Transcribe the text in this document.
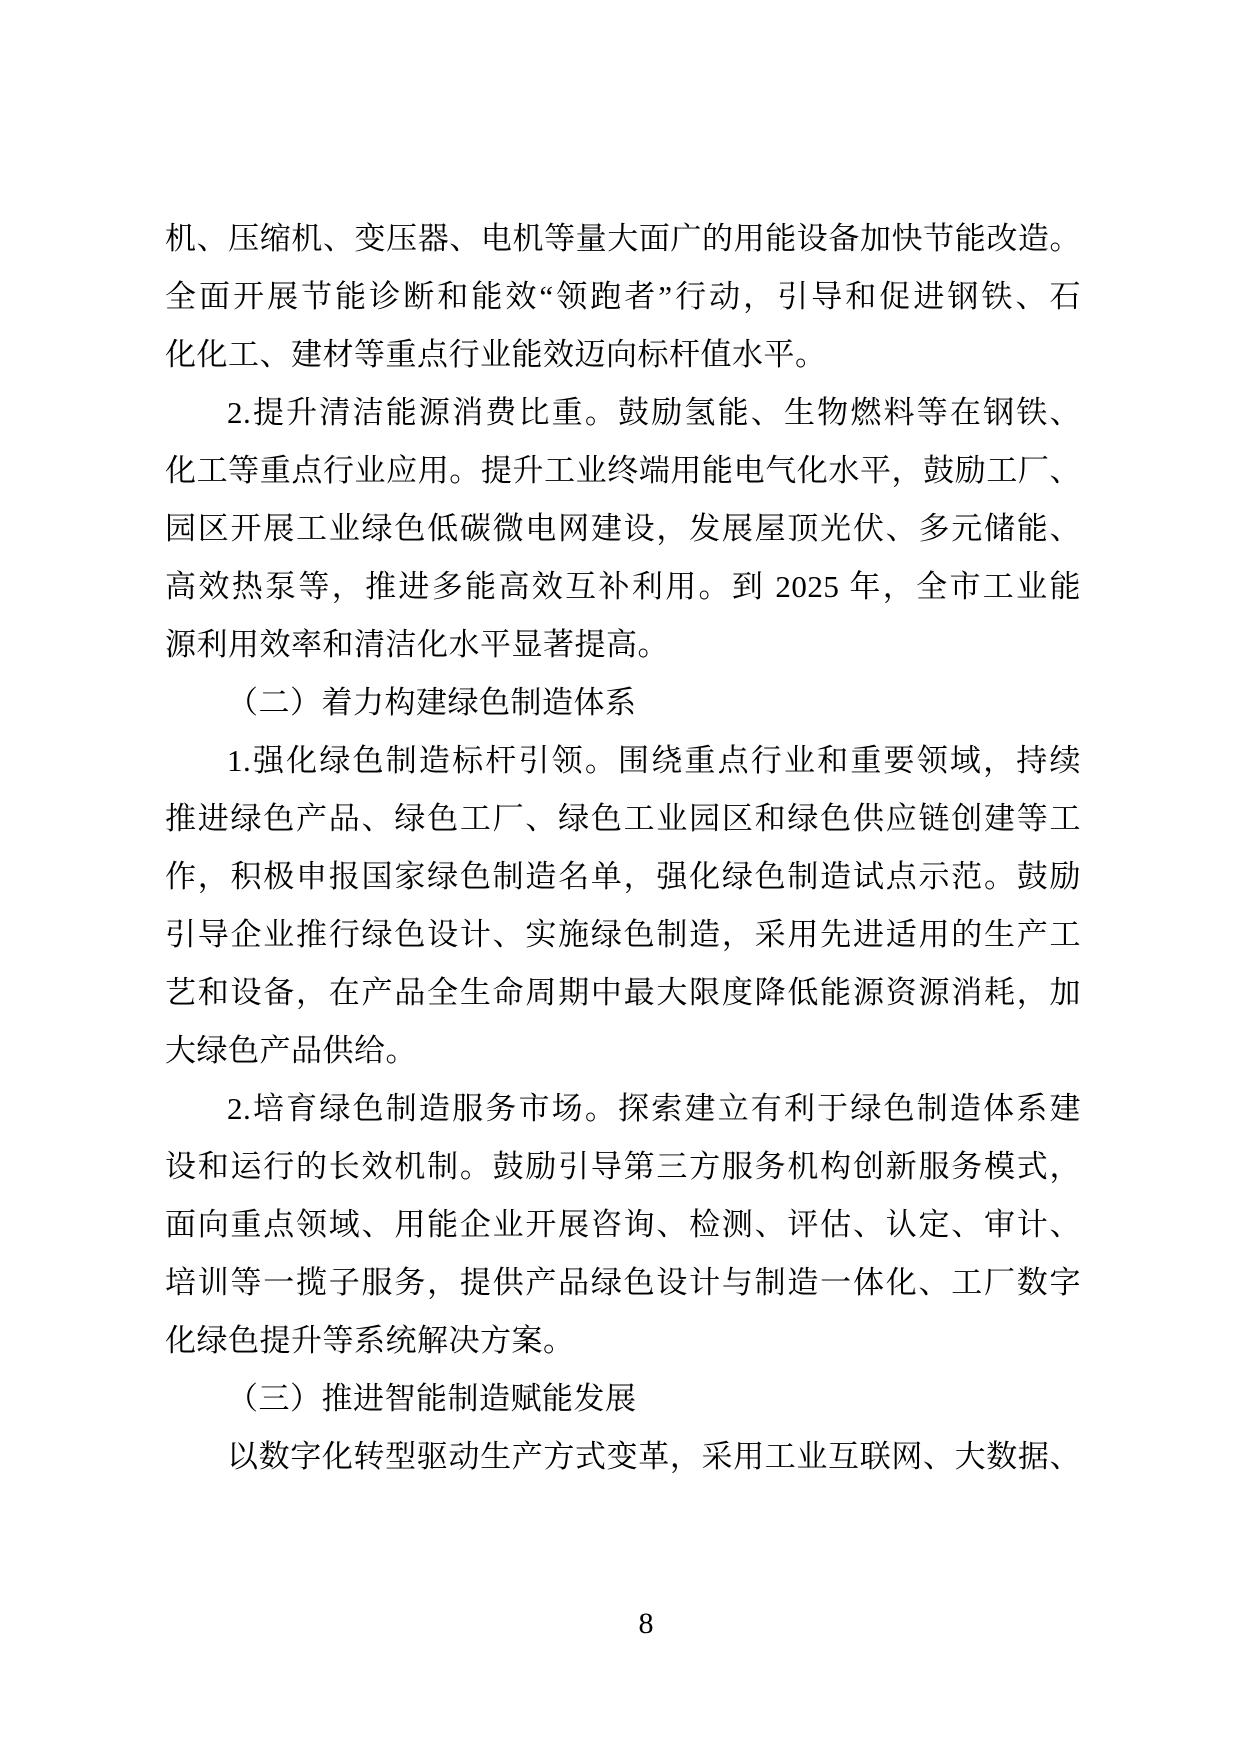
机、压缩机、变压器、电机等量大面广的用能设备加快节能改造。
全面开展节能诊断和能效“领跑者”行动，引导和促进钢铁、石
化化工、建材等重点行业能效迈向标杆值水平。
2.提升清洁能源消费比重。鼓励氢能、生物燃料等在钢铁、
化工等重点行业应用。提升工业终端用能电气化水平，鼓励工厂、
园区开展工业绿色低碳微电网建设，发展屋顶光伏、多元储能、
高效热泵等，推进多能高效互补利用。到 2025 年，全市工业能
源利用效率和清洁化水平显著提高。
（二）着力构建绿色制造体系
1.强化绿色制造标杆引领。围绕重点行业和重要领域，持续
推进绿色产品、绿色工厂、绿色工业园区和绿色供应链创建等工
作，积极申报国家绿色制造名单，强化绿色制造试点示范。鼓励
引导企业推行绿色设计、实施绿色制造，采用先进适用的生产工
艺和设备，在产品全生命周期中最大限度降低能源资源消耗，加
大绿色产品供给。
2.培育绿色制造服务市场。探索建立有利于绿色制造体系建
设和运行的长效机制。鼓励引导第三方服务机构创新服务模式，
面向重点领域、用能企业开展咨询、检测、评估、认定、审计、
培训等一揽子服务，提供产品绿色设计与制造一体化、工厂数字
化绿色提升等系统解决方案。
（三）推进智能制造赋能发展
以数字化转型驱动生产方式变革，采用工业互联网、大数据、
8
